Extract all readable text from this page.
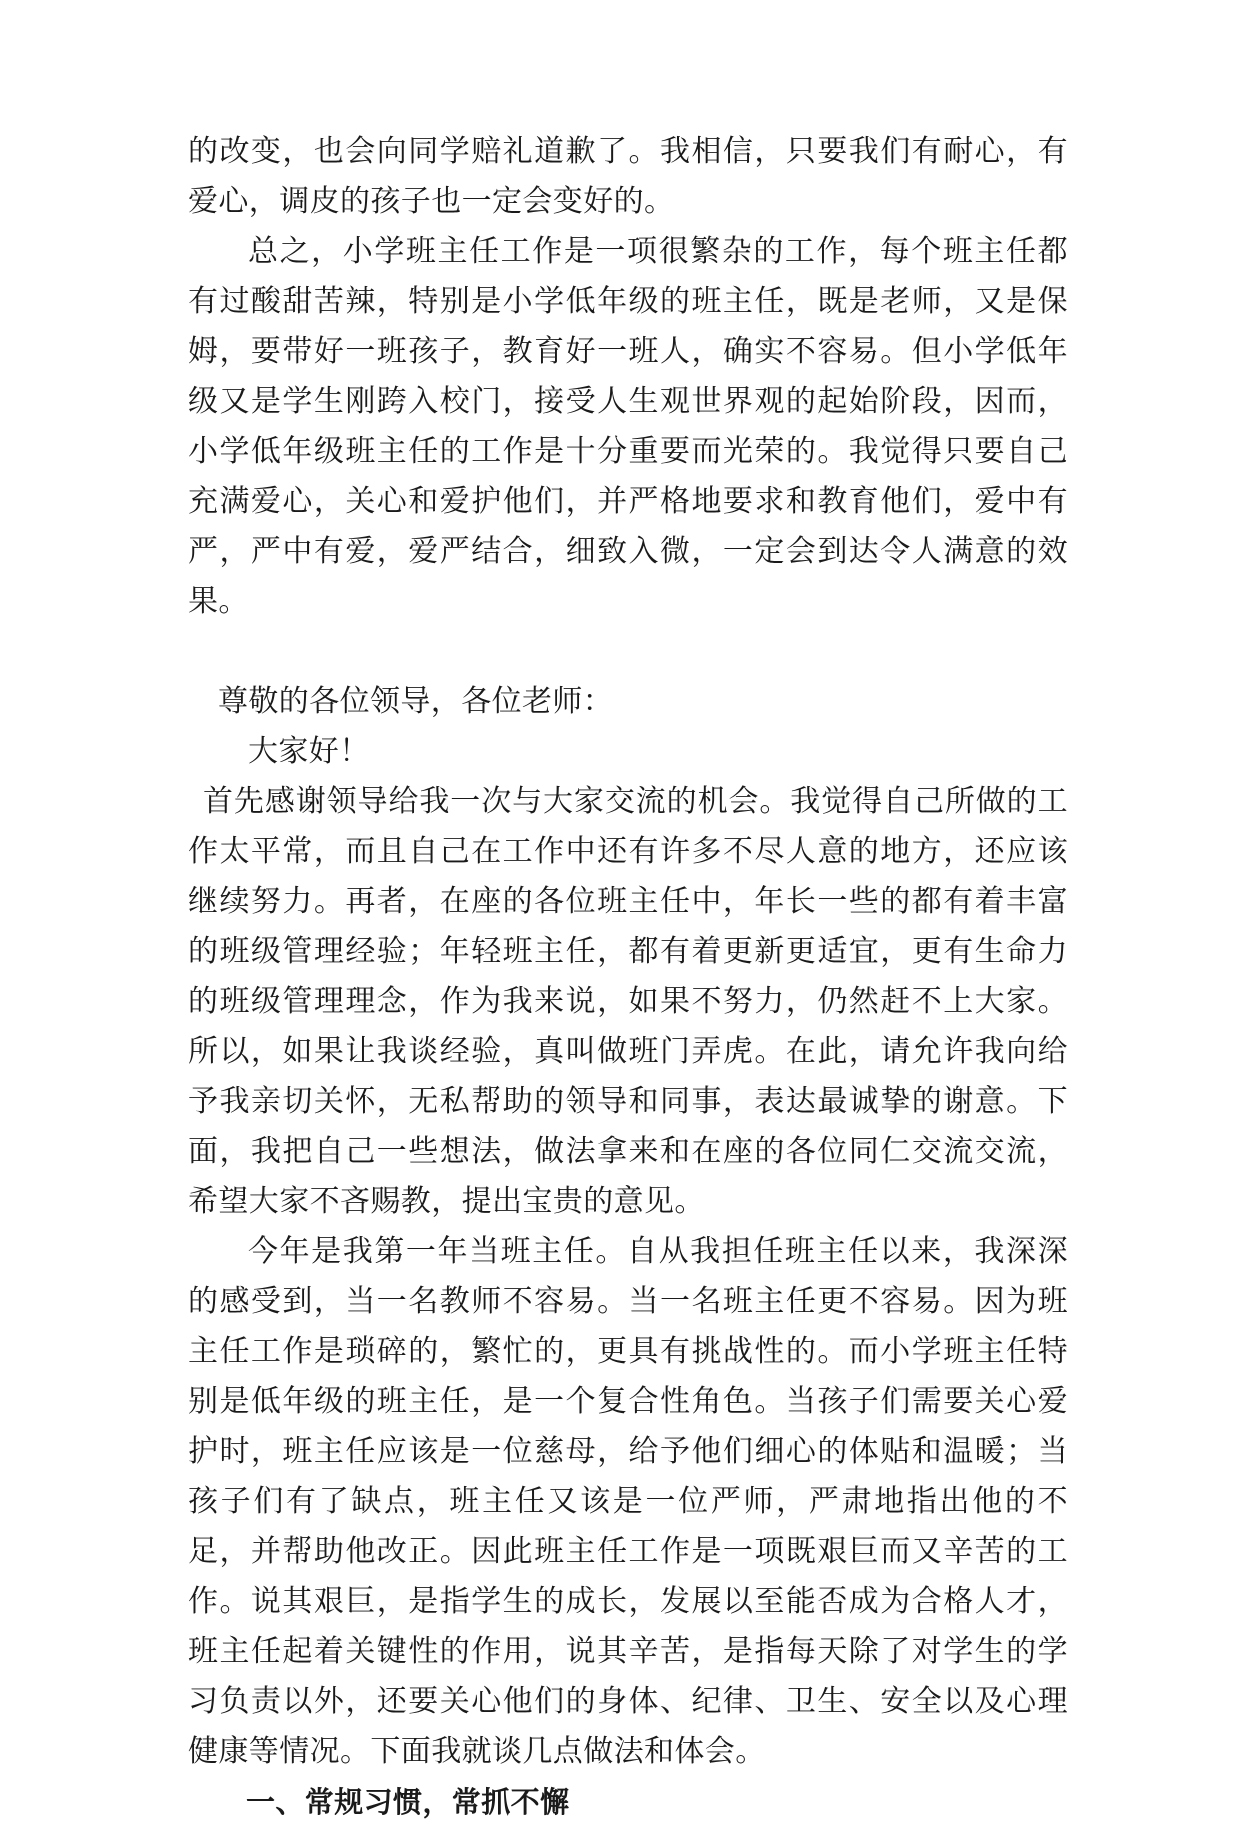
的改变，也会向同学赔礼道歉了。我相信，只要我们有耐心，有爱心，调皮的孩子也一定会变好的。

总之，小学班主任工作是一项很繁杂的工作，每个班主任都有过酸甜苦辣，特别是小学低年级的班主任，既是老师，又是保姆，要带好一班孩子，教育好一班人，确实不容易。但小学低年级又是学生刚跨入校门，接受人生观世界观的起始阶段，因而，小学低年级班主任的工作是十分重要而光荣的。我觉得只要自己充满爱心，关心和爱护他们，并严格地要求和教育他们，爱中有严，严中有爱，爱严结合，细致入微，一定会到达令人满意的效果。

尊敬的各位领导，各位老师：

大家好！

首先感谢领导给我一次与大家交流的机会。我觉得自己所做的工作太平常，而且自己在工作中还有许多不尽人意的地方，还应该继续努力。再者，在座的各位班主任中，年长一些的都有着丰富的班级管理经验；年轻班主任，都有着更新更适宜，更有生命力的班级管理理念，作为我来说，如果不努力，仍然赶不上大家。所以，如果让我谈经验，真叫做班门弄虎。在此，请允许我向给予我亲切关怀，无私帮助的领导和同事，表达最诚挚的谢意。下面，我把自己一些想法，做法拿来和在座的各位同仁交流交流，希望大家不吝赐教，提出宝贵的意见。

今年是我第一年当班主任。自从我担任班主任以来，我深深的感受到，当一名教师不容易。当一名班主任更不容易。因为班主任工作是琐碎的，繁忙的，更具有挑战性的。而小学班主任特别是低年级的班主任，是一个复合性角色。当孩子们需要关心爱护时，班主任应该是一位慈母，给予他们细心的体贴和温暖；当孩子们有了缺点，班主任又该是一位严师，严肃地指出他的不足，并帮助他改正。因此班主任工作是一项既艰巨而又辛苦的工作。说其艰巨，是指学生的成长，发展以至能否成为合格人才，班主任起着关键性的作用，说其辛苦，是指每天除了对学生的学习负责以外，还要关心他们的身体、纪律、卫生、安全以及心理健康等情况。下面我就谈几点做法和体会。

一、常规习惯，常抓不懈
